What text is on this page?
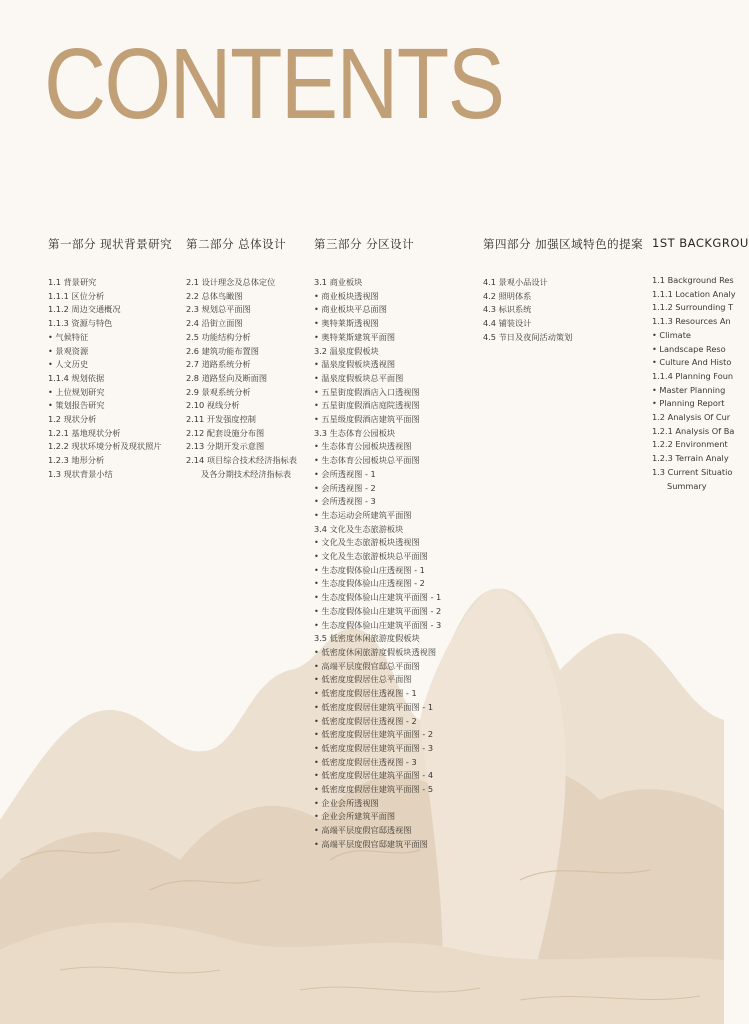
CONTENTS
第一部分 现状背景研究
1.1 背景研究
1.1.1 区位分析
1.1.2 周边交通概况
1.1.3 资源与特色
• 气候特征
• 景观资源
• 人文历史
1.1.4 规划依据
• 上位规划研究
• 策划报告研究
1.2 现状分析
1.2.1 基地现状分析
1.2.2 现状环境分析及现状照片
1.2.3 地形分析
1.3 现状背景小结
第二部分 总体设计
2.1 设计理念及总体定位
2.2 总体鸟瞰图
2.3 规划总平面图
2.4 沿街立面图
2.5 功能结构分析
2.6 建筑功能布置图
2.7 道路系统分析
2.8 道路竖向及断面图
2.9 景观系统分析
2.10 视线分析
2.11 开发强度控制
2.12 配套设施分布图
2.13 分期开发示意图
2.14 项目综合技术经济指标表
及各分期技术经济指标表
第三部分 分区设计
3.1 商业板块
• 商业板块透视图
• 商业板块平总面图
• 奥特莱斯透视图
• 奥特莱斯建筑平面图
3.2 温泉度假板块
• 温泉度假板块透视图
• 温泉度假板块总平面图
• 五星街度假酒店入口透视图
• 五星街度假酒店庭院透视图
• 五星级度假酒店建筑平面图
3.3 生态体育公园板块
• 生态体育公园板块透视图
• 生态体育公园板块总平面图
• 会所透视图 - 1
• 会所透视图 - 2
• 会所透视图 - 3
• 生态运动会所建筑平面图
3.4 文化及生态旅游板块
• 文化及生态旅游板块透视图
• 文化及生态旅游板块总平面图
• 生态度假体验山庄透视图 - 1
• 生态度假体验山庄透视图 - 2
• 生态度假体验山庄建筑平面图 - 1
• 生态度假体验山庄建筑平面图 - 2
• 生态度假体验山庄建筑平面图 - 3
3.5 低密度休闲旅游度假板块
• 低密度休闲旅游度假板块透视图
• 高端平层度假官邸总平面图
• 低密度度假居住总平面图
• 低密度度假居住透视图 - 1
• 低密度度假居住建筑平面图 - 1
• 低密度度假居住透视图 - 2
• 低密度度假居住建筑平面图 - 2
• 低密度度假居住建筑平面图 - 3
• 低密度度假居住透视图 - 3
• 低密度度假居住建筑平面图 - 4
• 低密度度假居住建筑平面图 - 5
• 企业会所透视图
• 企业会所建筑平面图
• 高端平层度假官邸透视图
• 高端平层度假官邸建筑平面图
第四部分 加强区域特色的提案
4.1 景观小品设计
4.2 照明体系
4.3 标识系统
4.4 铺装设计
4.5 节日及夜间活动策划
1ST BACKGROU
1.1 Background Res
1.1.1 Location Analy
1.1.2 Surrounding T
1.1.3 Resources An
• Climate
• Landscape Reso
• Culture And Histo
1.1.4 Planning Foun
• Master Planning
• Planning Report
1.2 Analysis Of Cur
1.2.1 Analysis Of Ba
1.2.2 Environment
1.2.3 Terrain Analy
1.3 Current Situatio
Summary
